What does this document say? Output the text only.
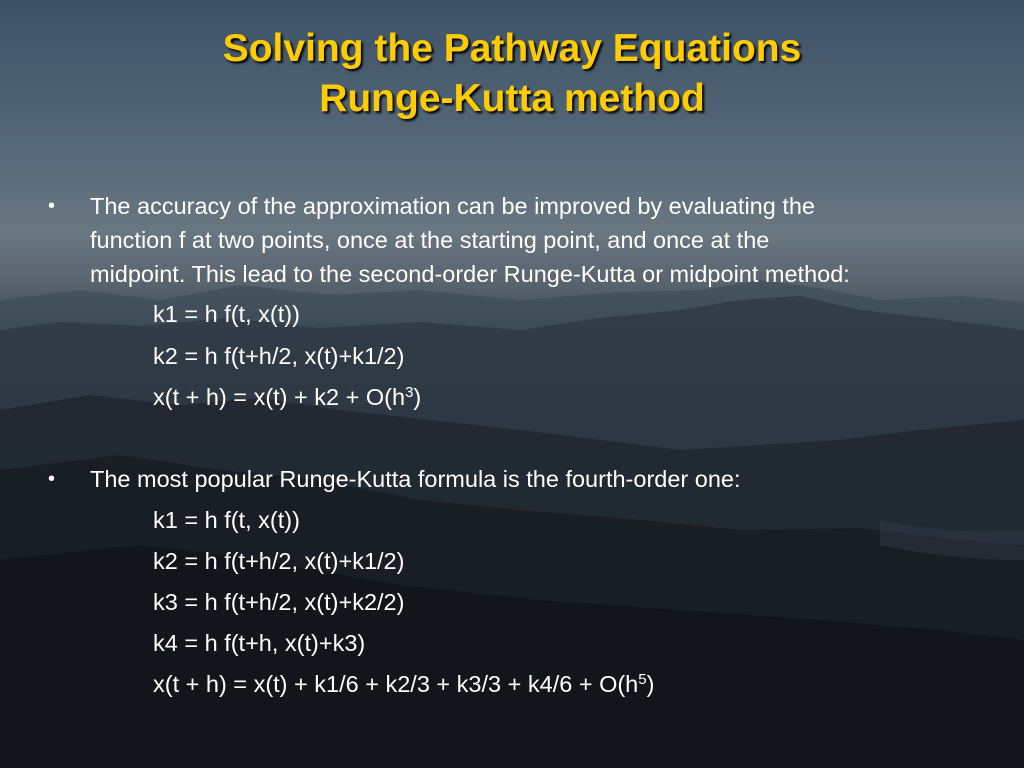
Solving the Pathway Equations
Runge-Kutta method
• The accuracy of the approximation can be improved by evaluating the
function f at two points, once at the starting point, and once at the
midpoint. This lead to the second-order Runge-Kutta or midpoint method:
k1 = h f(t, x(t))
k2 = h f(t+h/2, x(t)+k1/2)
$x(t + h) = x(t) + k2 + O(h^3)$
• The most popular Runge-Kutta formula is the fourth-order one:
k1 = h f(t, x(t))
k2 = h f(t+h/2, x(t)+k1/2)
k3 = h f(t+h/2, x(t)+k2/2)
k4 = h f(t+h, x(t)+k3)
$x(t + h) = x(t) + k1/6 + k2/3 + k3/3 + k4/6 + O(h^5)$
